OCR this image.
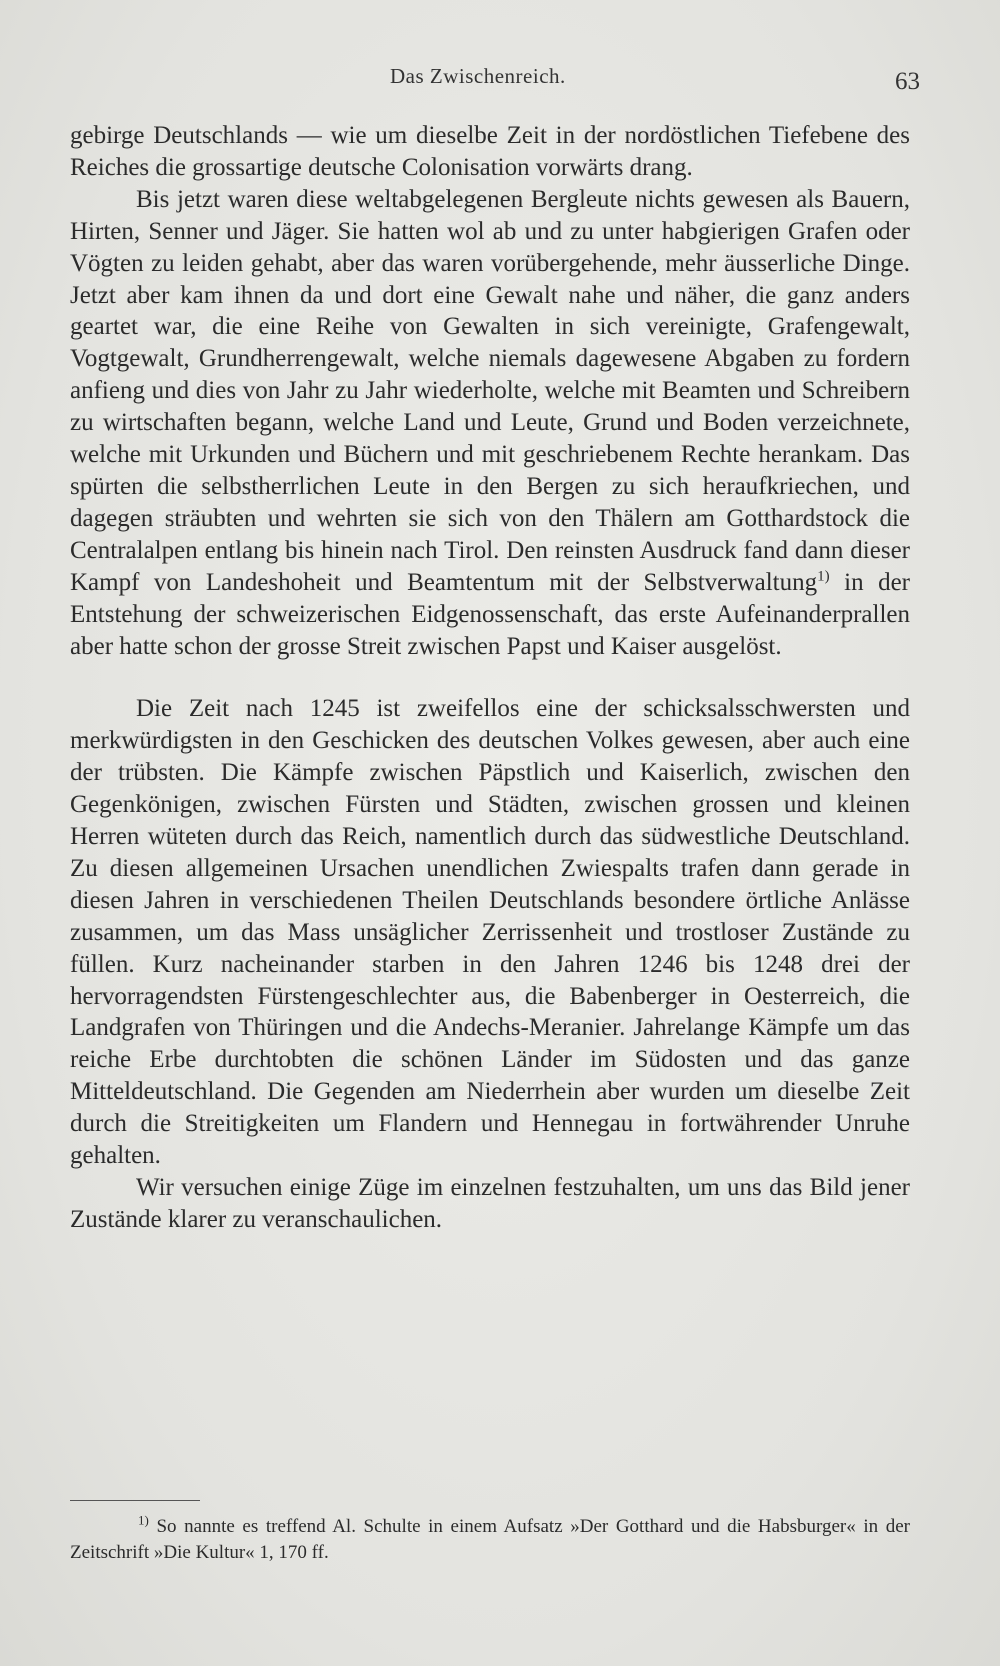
Das Zwischenreich.	63

gebirge Deutschlands — wie um dieselbe Zeit in der nordöstlichen Tiefebene des Reiches die grossartige deutsche Colonisation vorwärts drang.

Bis jetzt waren diese weltabgelegenen Bergleute nichts gewesen als Bauern, Hirten, Senner und Jäger. Sie hatten wol ab und zu unter habgierigen Grafen oder Vögten zu leiden gehabt, aber das waren vorübergehende, mehr äusserliche Dinge. Jetzt aber kam ihnen da und dort eine Gewalt nahe und näher, die ganz anders geartet war, die eine Reihe von Gewalten in sich vereinigte, Grafengewalt, Vogtgewalt, Grundherrengewalt, welche niemals dagewesene Abgaben zu fordern anfieng und dies von Jahr zu Jahr wiederholte, welche mit Beamten und Schreibern zu wirtschaften begann, welche Land und Leute, Grund und Boden verzeichnete, welche mit Urkunden und Büchern und mit geschriebenem Rechte herankam. Das spürten die selbstherrlichen Leute in den Bergen zu sich heraufkriechen, und dagegen sträubten und wehrten sie sich von den Thälern am Gotthardstock die Centralalpen entlang bis hinein nach Tirol. Den reinsten Ausdruck fand dann dieser Kampf von Landeshoheit und Beamtentum mit der Selbstverwaltung$^{1)}$ in der Entstehung der schweizerischen Eidgenossenschaft, das erste Aufeinanderprallen aber hatte schon der grosse Streit zwischen Papst und Kaiser ausgelöst.

Die Zeit nach 1245 ist zweifellos eine der schicksalsschwersten und merkwürdigsten in den Geschicken des deutschen Volkes gewesen, aber auch eine der trübsten. Die Kämpfe zwischen Päpstlich und Kaiserlich, zwischen den Gegenkönigen, zwischen Fürsten und Städten, zwischen grossen und kleinen Herren wüteten durch das Reich, namentlich durch das südwestliche Deutschland. Zu diesen allgemeinen Ursachen unendlichen Zwiespalts trafen dann gerade in diesen Jahren in verschiedenen Theilen Deutschlands besondere örtliche Anlässe zusammen, um das Mass unsäglicher Zerrissenheit und trostloser Zustände zu füllen. Kurz nacheinander starben in den Jahren 1246 bis 1248 drei der hervorragendsten Fürstengeschlechter aus, die Babenberger in Oesterreich, die Landgrafen von Thüringen und die Andechs-Meranier. Jahrelange Kämpfe um das reiche Erbe durchtobten die schönen Länder im Südosten und das ganze Mitteldeutschland. Die Gegenden am Niederrhein aber wurden um dieselbe Zeit durch die Streitigkeiten um Flandern und Hennegau in fortwährender Unruhe gehalten.

Wir versuchen einige Züge im einzelnen festzuhalten, um uns das Bild jener Zustände klarer zu veranschaulichen.

$^{1)}$ So nannte es treffend Al. Schulte in einem Aufsatz »Der Gotthard und die Habsburger« in der Zeitschrift »Die Kultur« 1, 170 ff.
